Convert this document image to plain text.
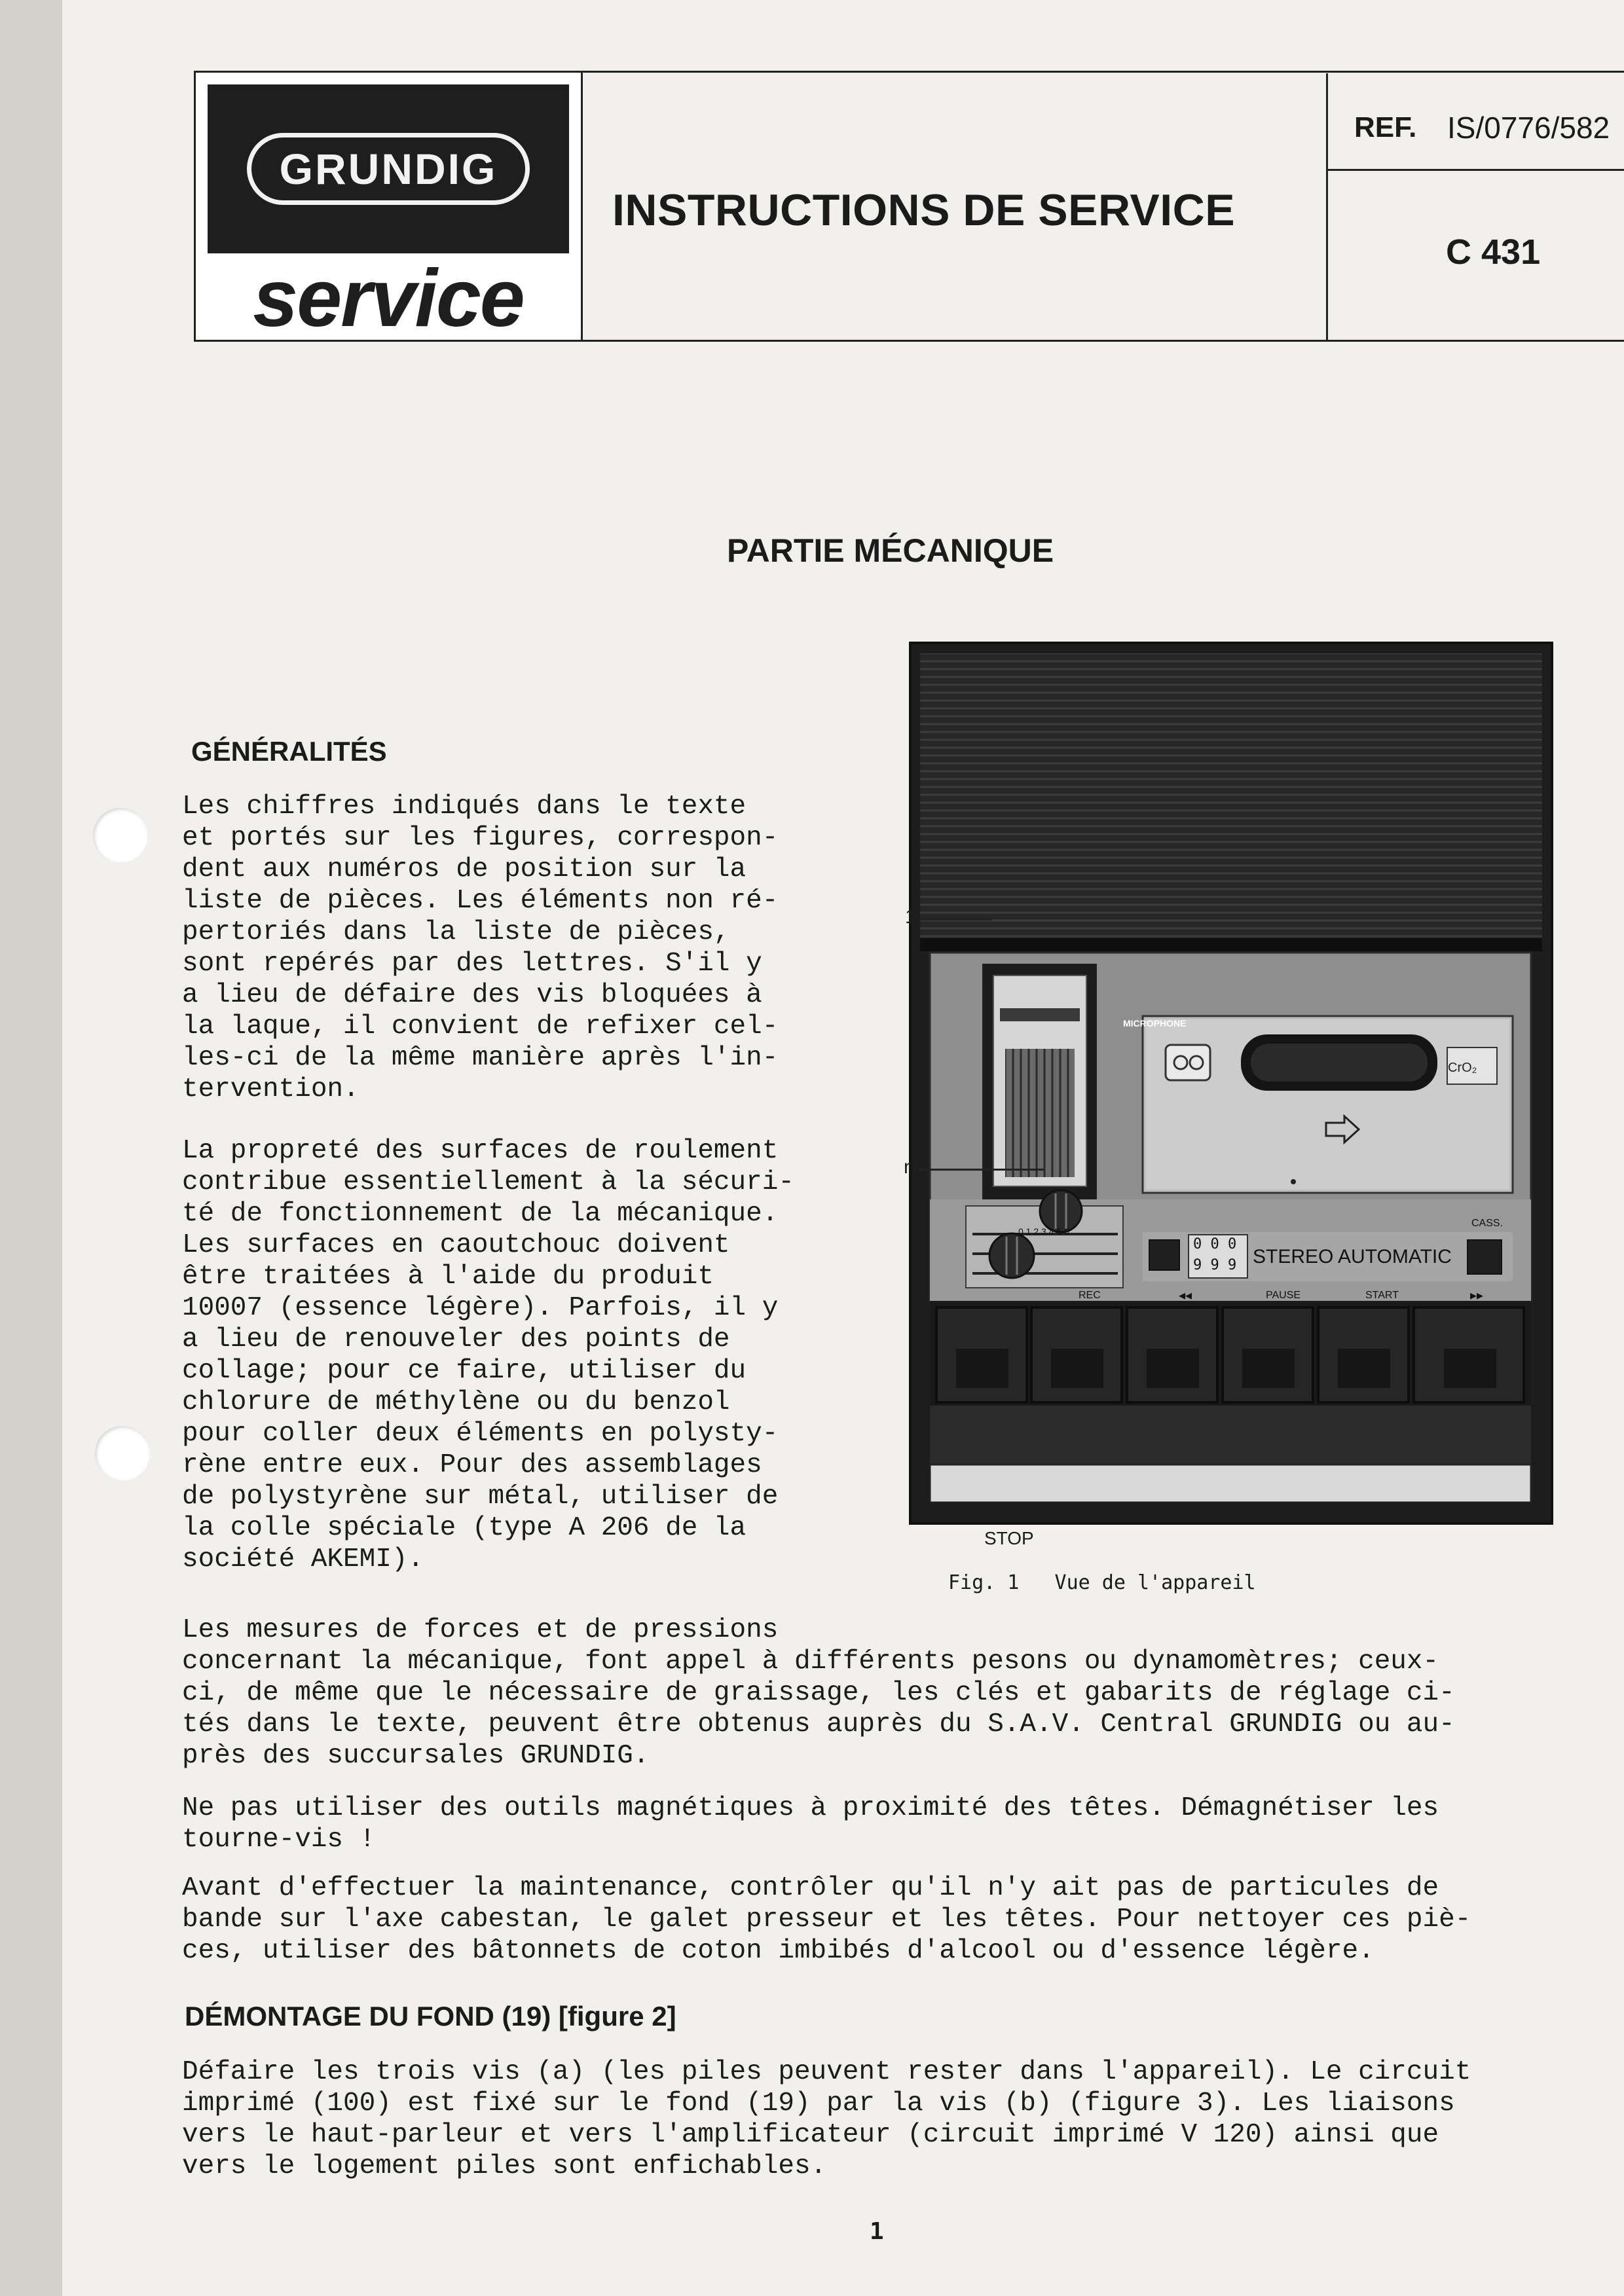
GRUNDIG
service
REF. IS/0776/582
C 431
INSTRUCTIONS DE SERVICE
PARTIE MÉCANIQUE
GÉNÉRALITÉS
Les chiffres indiqués dans le texte
et portés sur les figures, correspon-
dent aux numéros de position sur la
liste de pièces. Les éléments non ré-
pertoriés dans la liste de pièces,
sont repérés par des lettres. S'il y
a lieu de défaire des vis bloquées à
la laque, il convient de refixer cel-
les-ci de la même manière après l'in-
tervention.
La propreté des surfaces de roulement
contribue essentiellement à la sécuri-
té de fonctionnement de la mécanique.
Les surfaces en caoutchouc doivent
être traitées à l'aide du produit
10007 (essence légère). Parfois, il y
a lieu de renouveler des points de
collage; pour ce faire, utiliser du
chlorure de méthylène ou du benzol
pour coller deux éléments en polysty-
rène entre eux. Pour des assemblages
de polystyrène sur métal, utiliser de
la colle spéciale (type A 206 de la
société AKEMI).
Les mesures de forces et de pressions
concernant la mécanique, font appel à différents pesons ou dynamomètres; ceux-
ci, de même que le nécessaire de graissage, les clés et gabarits de réglage ci-
tés dans le texte, peuvent être obtenus auprès du S.A.V. Central GRUNDIG ou au-
près des succursales GRUNDIG.
Ne pas utiliser des outils magnétiques à proximité des têtes. Démagnétiser les
tourne-vis !
Avant d'effectuer la maintenance, contrôler qu'il n'y ait pas de particules de
bande sur l'axe cabestan, le galet presseur et les têtes. Pour nettoyer ces piè-
ces, utiliser des bâtonnets de coton imbibés d'alcool ou d'essence légère.
DÉMONTAGE DU FOND (19) [figure 2]
Défaire les trois vis (a) (les piles peuvent rester dans l'appareil). Le circuit
imprimé (100) est fixé sur le fond (19) par la vis (b) (figure 3). Les liaisons
vers le haut-parleur et vers l'amplificateur (circuit imprimé V 120) ainsi que
vers le logement piles sont enfichables.
MICROPHONE
CrO₂
STEREO AUTOMATIC
0 0 0
9 9 9
0 1 2 3 4 5 6
STOP
REC	◂◂	PAUSE	START	▸▸
CASS.
1
n
Fig. 1   Vue de l'appareil
1
